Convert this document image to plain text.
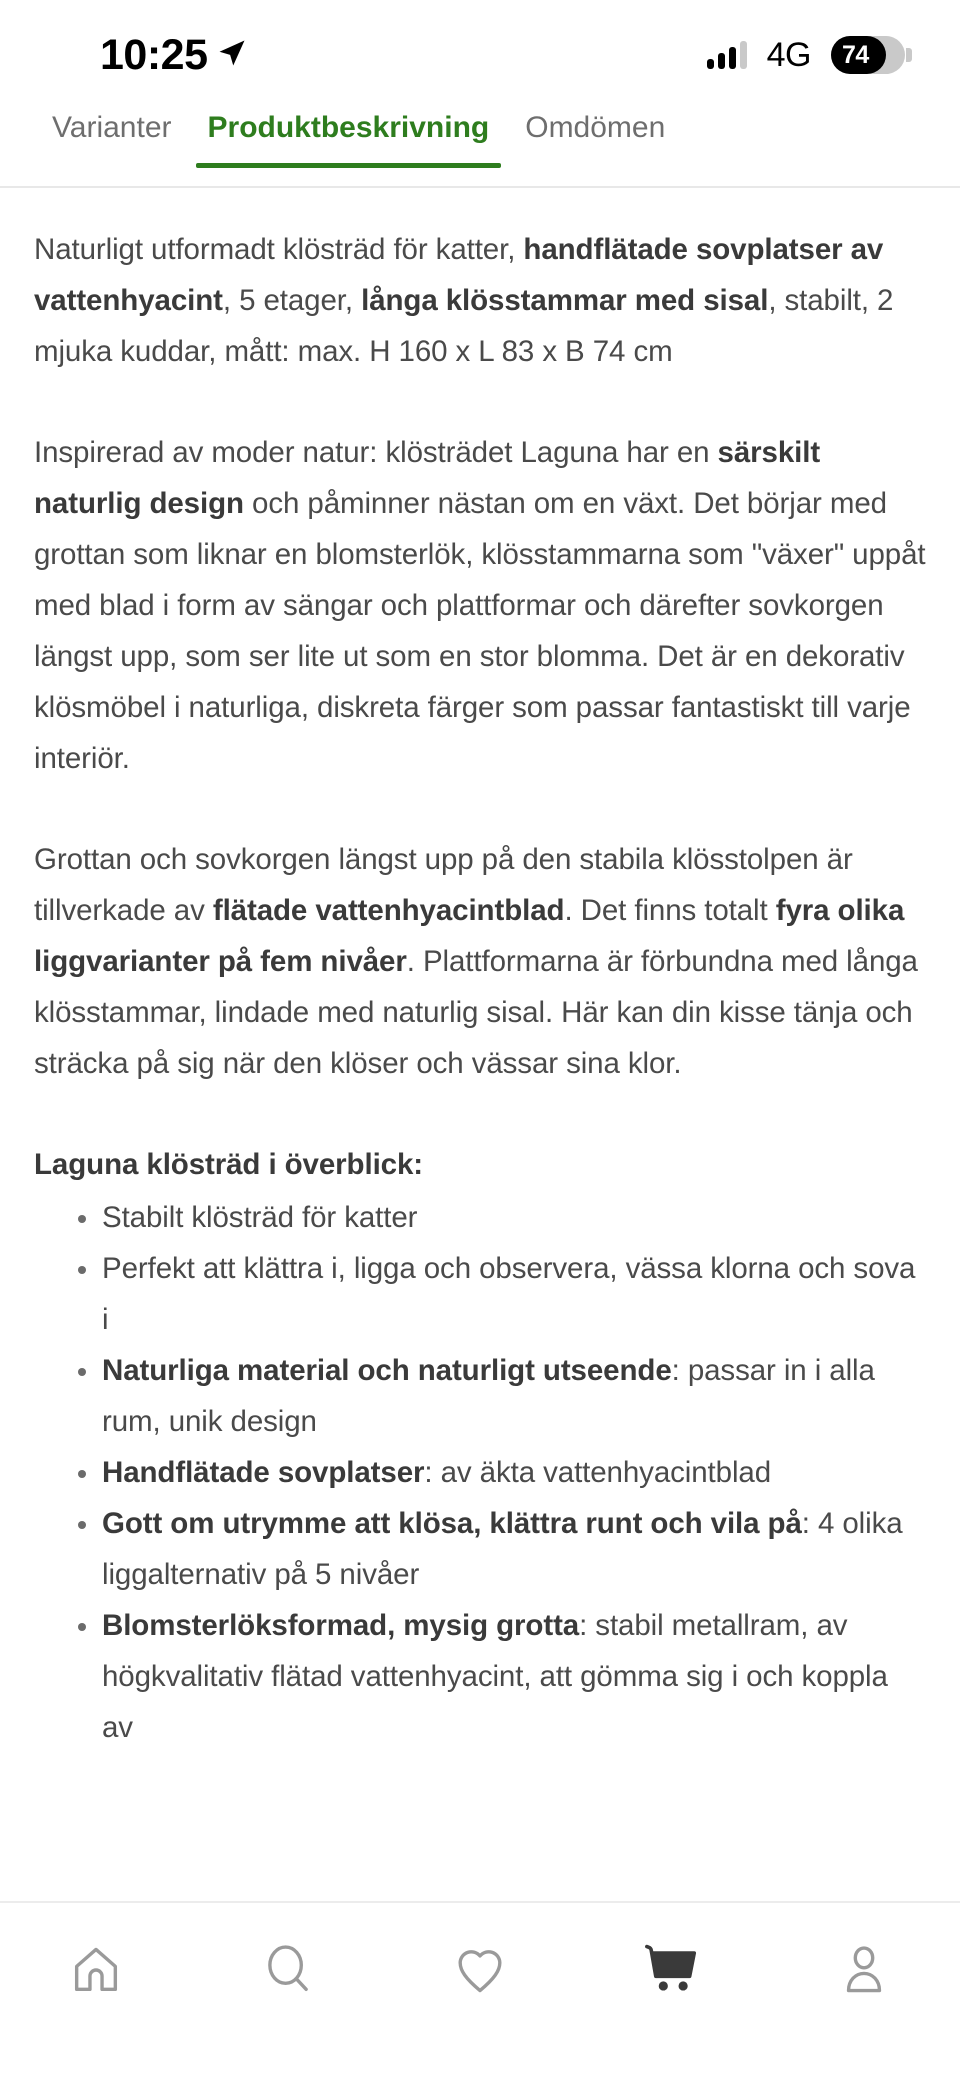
10:25	4G	74
Varianter	Produktbeskrivning	Omdömen

Naturligt utformadt klösträd för katter, handflätade sovplatser av vattenhyacint, 5 etager, långa klösstammar med sisal, stabilt, 2 mjuka kuddar, mått: max. H 160 x L 83 x B 74 cm

Inspirerad av moder natur: klösträdet Laguna har en särskilt naturlig design och påminner nästan om en växt. Det börjar med grottan som liknar en blomsterlök, klösstammarna som "växer" uppåt med blad i form av sängar och plattformar och därefter sovkorgen längst upp, som ser lite ut som en stor blomma. Det är en dekorativ klösmöbel i naturliga, diskreta färger som passar fantastiskt till varje interiör.

Grottan och sovkorgen längst upp på den stabila klösstolpen är tillverkade av flätade vattenhyacintblad. Det finns totalt fyra olika liggvarianter på fem nivåer. Plattformarna är förbundna med långa klösstammar, lindade med naturlig sisal. Här kan din kisse tänja och sträcka på sig när den klöser och vässar sina klor.

Laguna klösträd i överblick:
Stabilt klösträd för katter
Perfekt att klättra i, ligga och observera, vässa klorna och sova i
Naturliga material och naturligt utseende: passar in i alla rum, unik design
Handflätade sovplatser: av äkta vattenhyacintblad
Gott om utrymme att klösa, klättra runt och vila på: 4 olika liggalternativ på 5 nivåer
Blomsterlöksformad, mysig grotta: stabil metallram, av högkvalitativ flätad vattenhyacint, att gömma sig i och koppla av
